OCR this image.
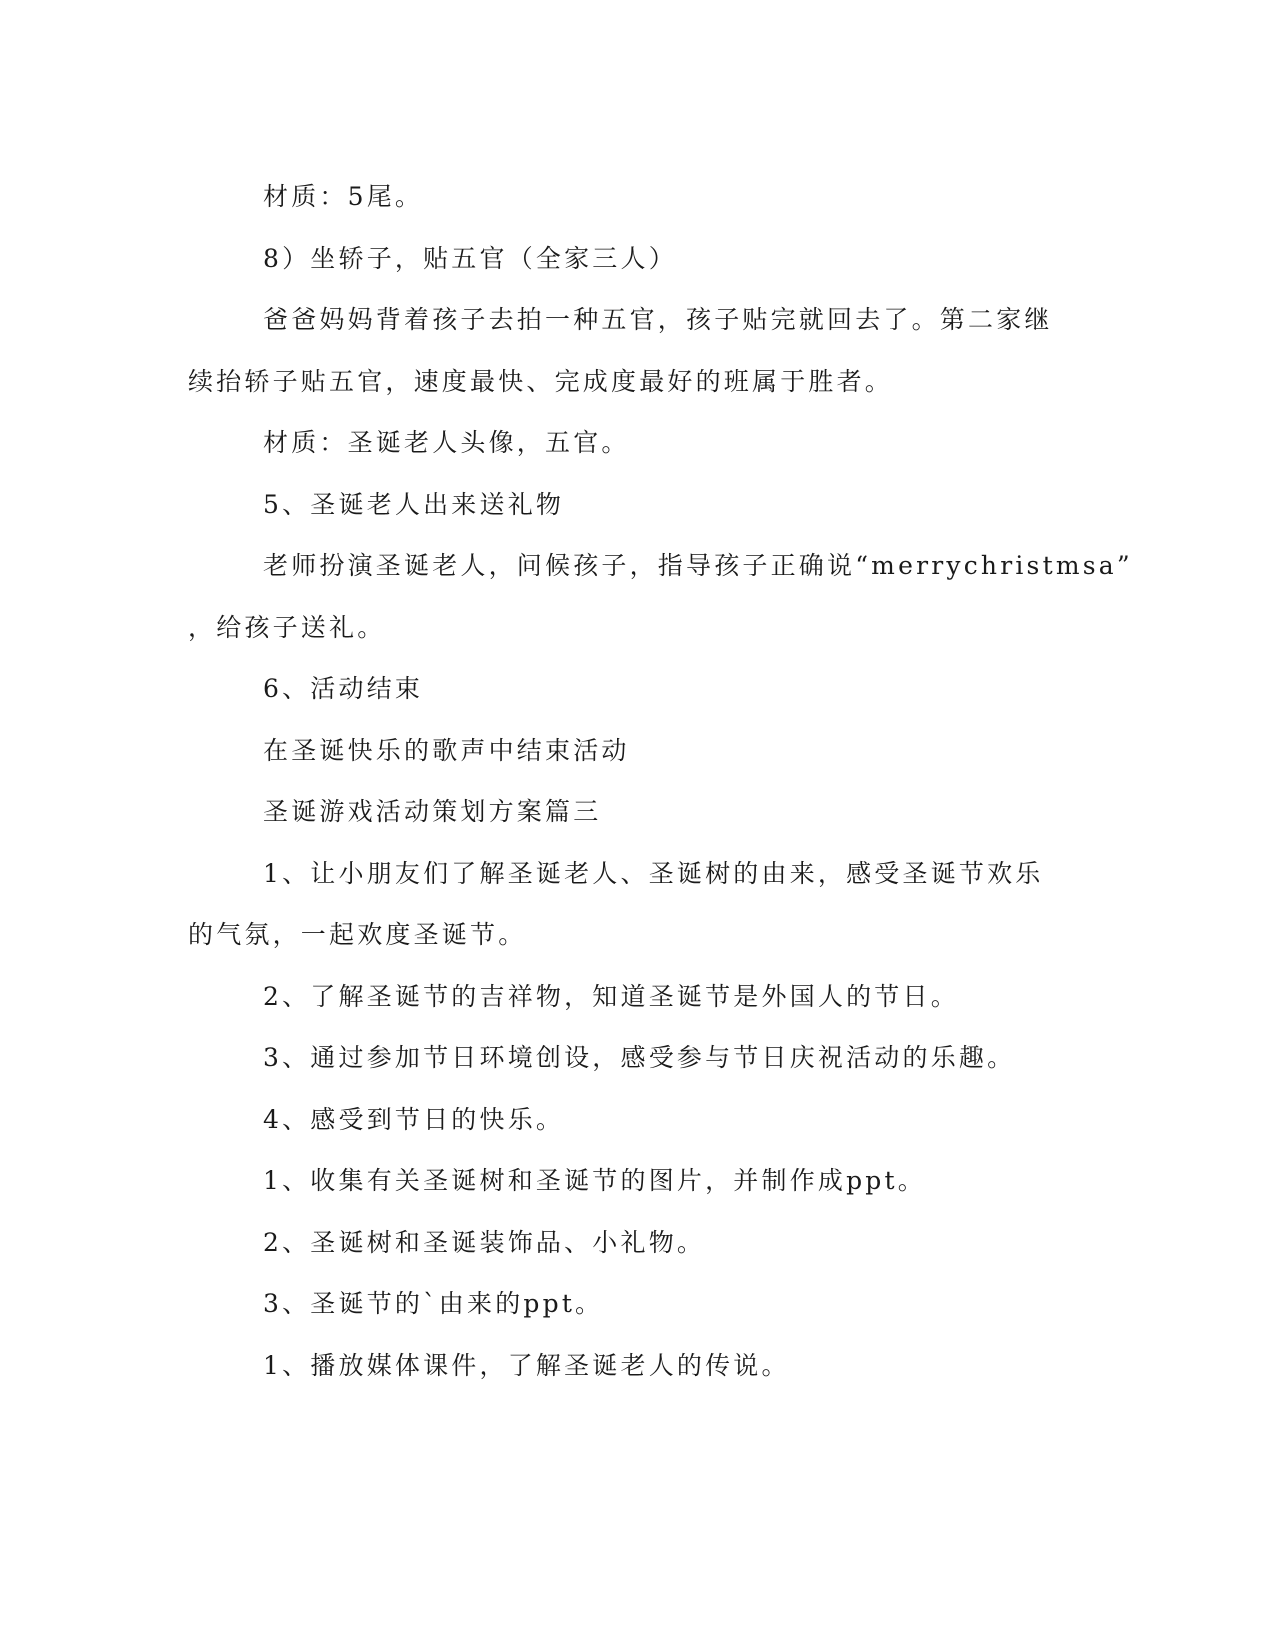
材质：5尾。

8）坐轿子，贴五官（全家三人）

爸爸妈妈背着孩子去拍一种五官，孩子贴完就回去了。第二家继

续抬轿子贴五官，速度最快、完成度最好的班属于胜者。

材质：圣诞老人头像，五官。

5、圣诞老人出来送礼物

老师扮演圣诞老人，问候孩子，指导孩子正确说“merrychristmsa”

，给孩子送礼。

6、活动结束

在圣诞快乐的歌声中结束活动

圣诞游戏活动策划方案篇三

1、让小朋友们了解圣诞老人、圣诞树的由来，感受圣诞节欢乐

的气氛，一起欢度圣诞节。

2、了解圣诞节的吉祥物，知道圣诞节是外国人的节日。

3、通过参加节日环境创设，感受参与节日庆祝活动的乐趣。

4、感受到节日的快乐。

1、收集有关圣诞树和圣诞节的图片，并制作成ppt。

2、圣诞树和圣诞装饰品、小礼物。

3、圣诞节的`由来的ppt。

1、播放媒体课件，了解圣诞老人的传说。
